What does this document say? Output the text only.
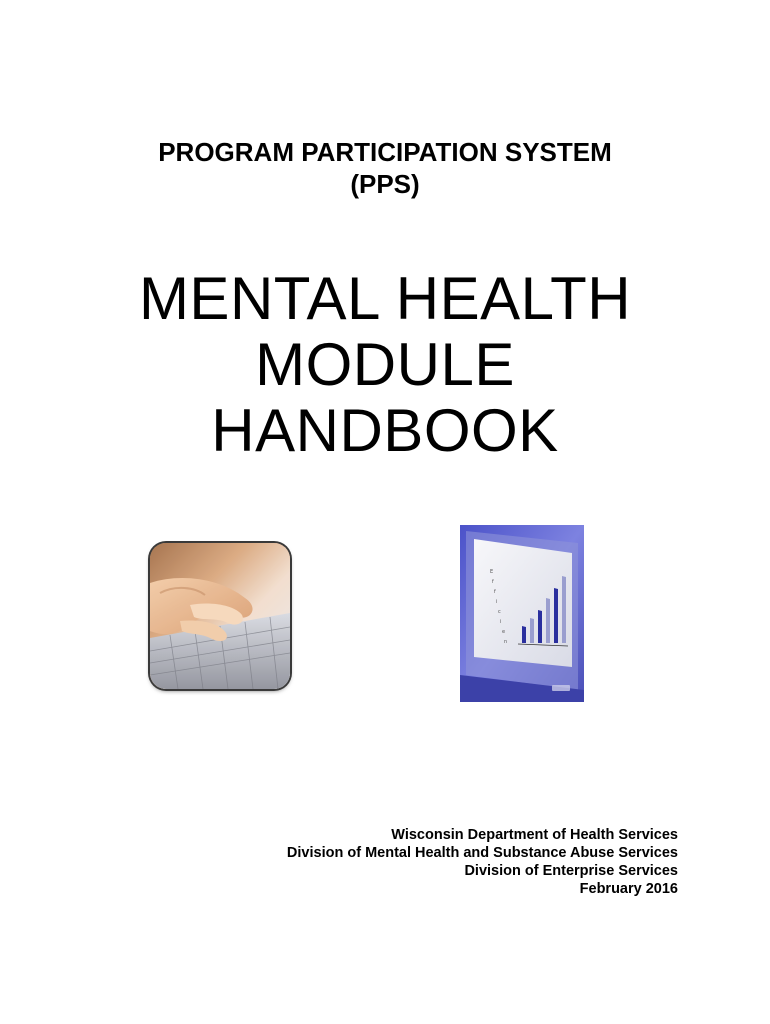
PROGRAM PARTICIPATION SYSTEM
(PPS)
MENTAL HEALTH
MODULE
HANDBOOK
E
f
f
i
c
i
e
n
Wisconsin Department of Health Services
Division of Mental Health and Substance Abuse Services
Division of Enterprise Services
February 2016
